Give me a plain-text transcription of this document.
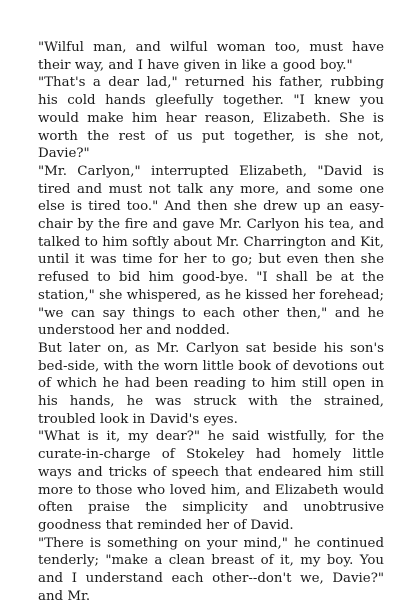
"Wilful man, and wilful woman too, must have their way, and I have given in like a good boy."

"That's a dear lad," returned his father, rubbing his cold hands gleefully together. "I knew you would make him hear reason, Elizabeth. She is worth the rest of us put together, is she not, Davie?"

"Mr. Carlyon," interrupted Elizabeth, "David is tired and must not talk any more, and some one else is tired too." And then she drew up an easy-chair by the fire and gave Mr. Carlyon his tea, and talked to him softly about Mr. Charrington and Kit, until it was time for her to go; but even then she refused to bid him good-bye. "I shall be at the station," she whispered, as he kissed her forehead; "we can say things to each other then," and he understood her and nodded.

But later on, as Mr. Carlyon sat beside his son's bed-side, with the worn little book of devotions out of which he had been reading to him still open in his hands, he was struck with the strained, troubled look in David's eyes.

"What is it, my dear?" he said wistfully, for the curate-in-charge of Stokeley had homely little ways and tricks of speech that endeared him still more to those who loved him, and Elizabeth would often praise the simplicity and unobtrusive goodness that reminded her of David.

"There is something on your mind," he continued tenderly; "make a clean breast of it, my boy. You and I understand each other--don't we, Davie?" and Mr.
